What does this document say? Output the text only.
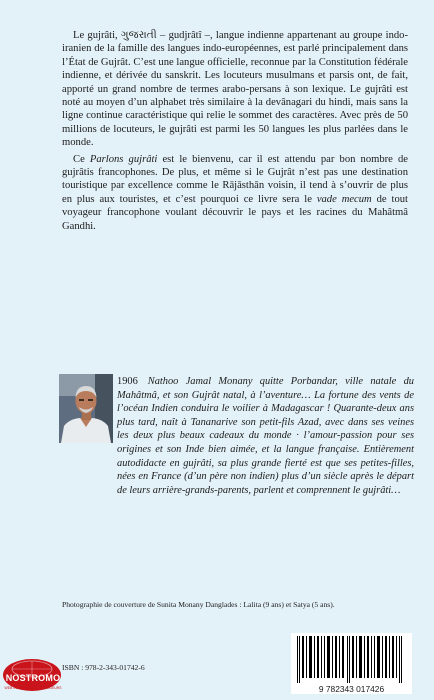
Le gujrâti, ગુજરાતી – gudjrâtî –, langue indienne appartenant au groupe indo-iranien de la famille des langues indo-européennes, est parlé principalement dans l’État de Gujrât. C’est une langue officielle, reconnue par la Constitution fédérale indienne, et dérivée du sanskrit. Les locuteurs musulmans et parsis ont, de fait, apporté un grand nombre de termes arabo-persans à son lexique. Le gujrâti est noté au moyen d’un alphabet très similaire à la devânagari du hindi, mais sans la ligne continue caractéristique qui relie le sommet des caractères. Avec près de 50 millions de locuteurs, le gujrâti est parmi les 50 langues les plus parlées dans le monde.

Ce Parlons gujrâti est le bienvenu, car il est attendu par bon nombre de gujrâtis francophones. De plus, et même si le Gujrât n’est pas une destination touristique par excellence comme le Rājāsthān voisin, il tend à s’ouvrir de plus en plus aux touristes, et c’est pourquoi ce livre sera le vade mecum de tout voyageur francophone voulant découvrir le pays et les racines du Mahâtmâ Gandhi.

1906 Nathoo Jamal Monany quitte Porbandar, ville natale du Mahâtmâ, et son Gujrât natal, à l’aventure… La fortune des vents de l’océan Indien conduira le voilier à Madagascar ! Quarante-deux ans plus tard, naît à Tananarive son petit-fils Azad, avec dans ses veines les deux plus beaux cadeaux du monde · l’amour-passion pour ses origines et son Inde bien aimée, et la langue française. Entièrement autodidacte en gujrâti, sa plus grande fierté est que ses petites-filles, nées en France (d’un père non indien) plus d’un siècle après le départ de leurs arrière-grands-parents, parlent et comprennent le gujrâti…
Photographie de couverture de Sunita Monany Danglades : Lalita (9 ans) et Satya (5 ans).
ISBN : 978-2-343-01742-6
9 782343 017426
NOSTROMO
WEB COMPTOIR DES VOYAGEURS
